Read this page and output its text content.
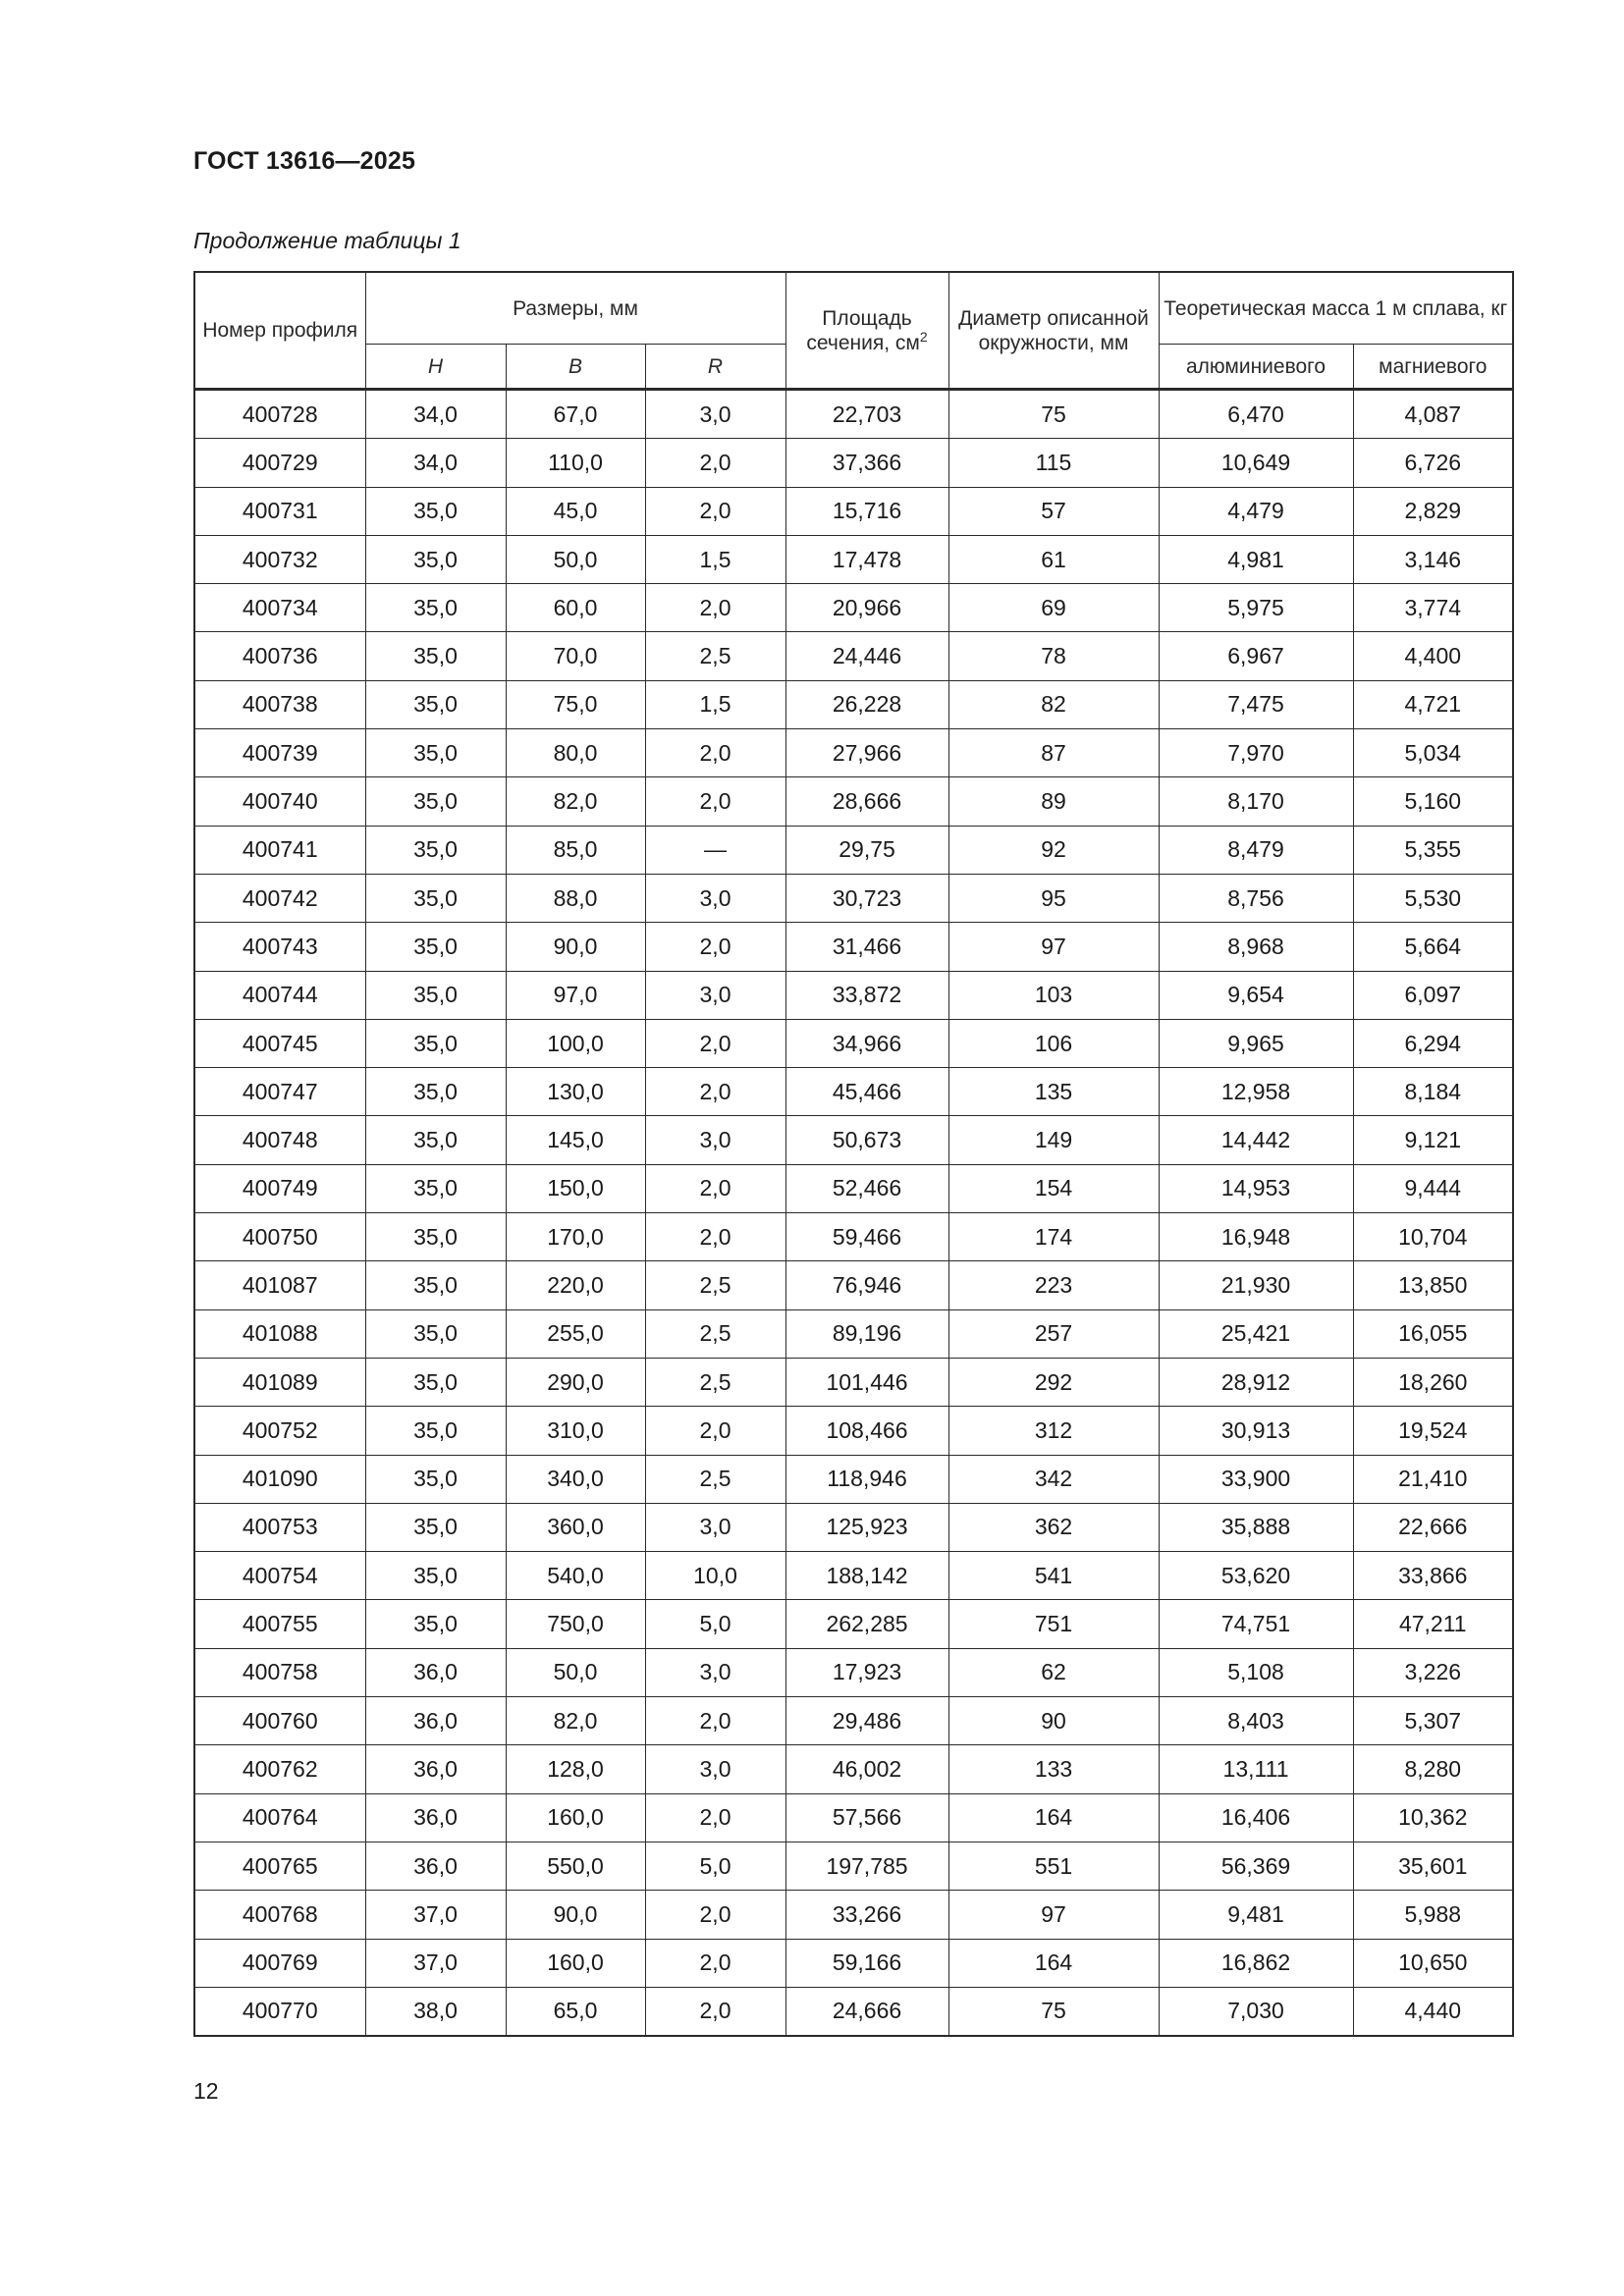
ГОСТ 13616—2025
Продолжение таблицы 1
Номер профиля	Размеры, мм			Площадь сечения, $см^2$	Диаметр описанной окружности, мм	Теоретическая масса 1 м сплава, кг	
	H	B	R			алюминиевого	магниевого
400728	34,0	67,0	3,0	22,703	75	6,470	4,087
400729	34,0	110,0	2,0	37,366	115	10,649	6,726
400731	35,0	45,0	2,0	15,716	57	4,479	2,829
400732	35,0	50,0	1,5	17,478	61	4,981	3,146
400734	35,0	60,0	2,0	20,966	69	5,975	3,774
400736	35,0	70,0	2,5	24,446	78	6,967	4,400
400738	35,0	75,0	1,5	26,228	82	7,475	4,721
400739	35,0	80,0	2,0	27,966	87	7,970	5,034
400740	35,0	82,0	2,0	28,666	89	8,170	5,160
400741	35,0	85,0	—	29,75	92	8,479	5,355
400742	35,0	88,0	3,0	30,723	95	8,756	5,530
400743	35,0	90,0	2,0	31,466	97	8,968	5,664
400744	35,0	97,0	3,0	33,872	103	9,654	6,097
400745	35,0	100,0	2,0	34,966	106	9,965	6,294
400747	35,0	130,0	2,0	45,466	135	12,958	8,184
400748	35,0	145,0	3,0	50,673	149	14,442	9,121
400749	35,0	150,0	2,0	52,466	154	14,953	9,444
400750	35,0	170,0	2,0	59,466	174	16,948	10,704
401087	35,0	220,0	2,5	76,946	223	21,930	13,850
401088	35,0	255,0	2,5	89,196	257	25,421	16,055
401089	35,0	290,0	2,5	101,446	292	28,912	18,260
400752	35,0	310,0	2,0	108,466	312	30,913	19,524
401090	35,0	340,0	2,5	118,946	342	33,900	21,410
400753	35,0	360,0	3,0	125,923	362	35,888	22,666
400754	35,0	540,0	10,0	188,142	541	53,620	33,866
400755	35,0	750,0	5,0	262,285	751	74,751	47,211
400758	36,0	50,0	3,0	17,923	62	5,108	3,226
400760	36,0	82,0	2,0	29,486	90	8,403	5,307
400762	36,0	128,0	3,0	46,002	133	13,111	8,280
400764	36,0	160,0	2,0	57,566	164	16,406	10,362
400765	36,0	550,0	5,0	197,785	551	56,369	35,601
400768	37,0	90,0	2,0	33,266	97	9,481	5,988
400769	37,0	160,0	2,0	59,166	164	16,862	10,650
400770	38,0	65,0	2,0	24,666	75	7,030	4,440
12
